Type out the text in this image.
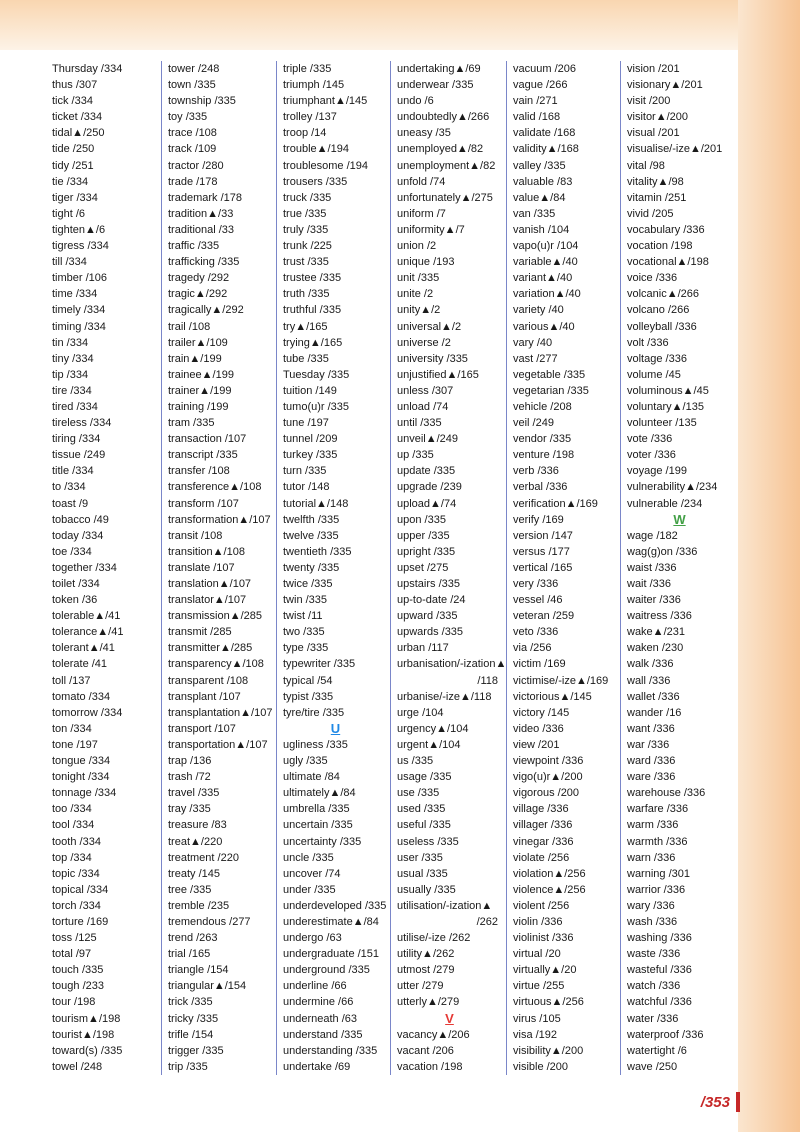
Thursday /334
thus /307
tick /334
ticket /334
tidal▲/250
tide /250
tidy /251
tie /334
tiger /334
tight /6
tighten▲/6
tigress /334
till /334
timber /106
time /334
timely /334
timing /334
tin /334
tiny /334
tip /334
tire /334
tired /334
tireless /334
tiring /334
tissue /249
title /334
to /334
toast /9
tobacco /49
today /334
toe /334
together /334
toilet /334
token /36
tolerable▲/41
tolerance▲/41
tolerant▲/41
tolerate /41
toll /137
tomato /334
tomorrow /334
ton /334
tone /197
tongue /334
tonight /334
tonnage /334
too /334
tool /334
tooth /334
top /334
topic /334
topical /334
torch /334
torture /169
toss /125
total /97
touch /335
tough /233
tour /198
tourism▲/198
tourist▲/198
toward(s) /335
towel /248
tower /248
town /335
township /335
toy /335
trace /108
track /109
tractor /280
trade /178
trademark /178
tradition▲/33
traditional /33
traffic /335
trafficking /335
tragedy /292
tragic▲/292
tragically▲/292
trail /108
trailer▲/109
train▲/199
trainee▲/199
trainer▲/199
training /199
tram /335
transaction /107
transcript /335
transfer /108
transference▲/108
transform /107
transformation▲/107
transit /108
transition▲/108
translate /107
translation▲/107
translator▲/107
transmission▲/285
transmit /285
transmitter▲/285
transparency▲/108
transparent /108
transplant /107
transplantation▲/107
transport /107
transportation▲/107
trap /136
trash /72
travel /335
tray /335
treasure /83
treat▲/220
treatment /220
treaty /145
tree /335
tremble /235
tremendous /277
trend /263
trial /165
triangle /154
triangular▲/154
trick /335
tricky /335
trifle /154
trigger /335
trip /335
triple /335
triumph /145
triumphant▲/145
trolley /137
troop /14
trouble▲/194
troublesome /194
trousers /335
truck /335
true /335
truly /335
trunk /225
trust /335
trustee /335
truth /335
truthful /335
try▲/165
trying▲/165
tube /335
Tuesday /335
tuition /149
tumo(u)r /335
tune /197
tunnel /209
turkey /335
turn /335
tutor /148
tutorial▲/148
twelfth /335
twelve /335
twentieth /335
twenty /335
twice /335
twin /335
twist /11
two /335
type /335
typewriter /335
typical /54
typist /335
tyre/tire /335
U
ugliness /335
ugly /335
ultimate /84
ultimately▲/84
umbrella /335
uncertain /335
uncertainty /335
uncle /335
uncover /74
under /335
underdeveloped /335
underestimate▲/84
undergo /63
undergraduate /151
underground /335
underline /66
undermine /66
underneath /63
understand /335
understanding /335
undertake /69
undertaking▲/69
underwear /335
undo /6
undoubtedly▲/266
uneasy /35
unemployed▲/82
unemployment▲/82
unfold /74
unfortunately▲/275
uniform /7
uniformity▲/7
union /2
unique /193
unit /335
unite /2
unity▲/2
universal▲/2
universe /2
university /335
unjustified▲/165
unless /307
unload /74
until /335
unveil▲/249
up /335
update /335
upgrade /239
upload▲/74
upon /335
upper /335
upright /335
upset /275
upstairs /335
up-to-date /24
upward /335
upwards /335
urban /117
urbanisation/-ization▲
/118
urbanise/-ize▲/118
urge /104
urgency▲/104
urgent▲/104
us /335
usage /335
use /335
used /335
useful /335
useless /335
user /335
usual /335
usually /335
utilisation/-ization▲
/262
utilise/-ize /262
utility▲/262
utmost /279
utter /279
utterly▲/279
V
vacancy▲/206
vacant /206
vacation /198
vacuum /206
vague /266
vain /271
valid /168
validate /168
validity▲/168
valley /335
valuable /83
value▲/84
van /335
vanish /104
vapo(u)r /104
variable▲/40
variant▲/40
variation▲/40
variety /40
various▲/40
vary /40
vast /277
vegetable /335
vegetarian /335
vehicle /208
veil /249
vendor /335
venture /198
verb /336
verbal /336
verification▲/169
verify /169
version /147
versus /177
vertical /165
very /336
vessel /46
veteran /259
veto /336
via /256
victim /169
victimise/-ize▲/169
victorious▲/145
victory /145
video /336
view /201
viewpoint /336
vigo(u)r▲/200
vigorous /200
village /336
villager /336
vinegar /336
violate /256
violation▲/256
violence▲/256
violent /256
violin /336
violinist /336
virtual /20
virtually▲/20
virtue /255
virtuous▲/256
virus /105
visa /192
visibility▲/200
visible /200
vision /201
visionary▲/201
visit /200
visitor▲/200
visual /201
visualise/-ize▲/201
vital /98
vitality▲/98
vitamin /251
vivid /205
vocabulary /336
vocation /198
vocational▲/198
voice /336
volcanic▲/266
volcano /266
volleyball /336
volt /336
voltage /336
volume /45
voluminous▲/45
voluntary▲/135
volunteer /135
vote /336
voter /336
voyage /199
vulnerability▲/234
vulnerable /234
W
wage /182
wag(g)on /336
waist /336
wait /336
waiter /336
waitress /336
wake▲/231
waken /230
walk /336
wall /336
wallet /336
wander /16
want /336
war /336
ward /336
ware /336
warehouse /336
warfare /336
warm /336
warmth /336
warn /336
warning /301
warrior /336
wary /336
wash /336
washing /336
waste /336
wasteful /336
watch /336
watchful /336
water /336
waterproof /336
watertight /6
wave /250
/353
